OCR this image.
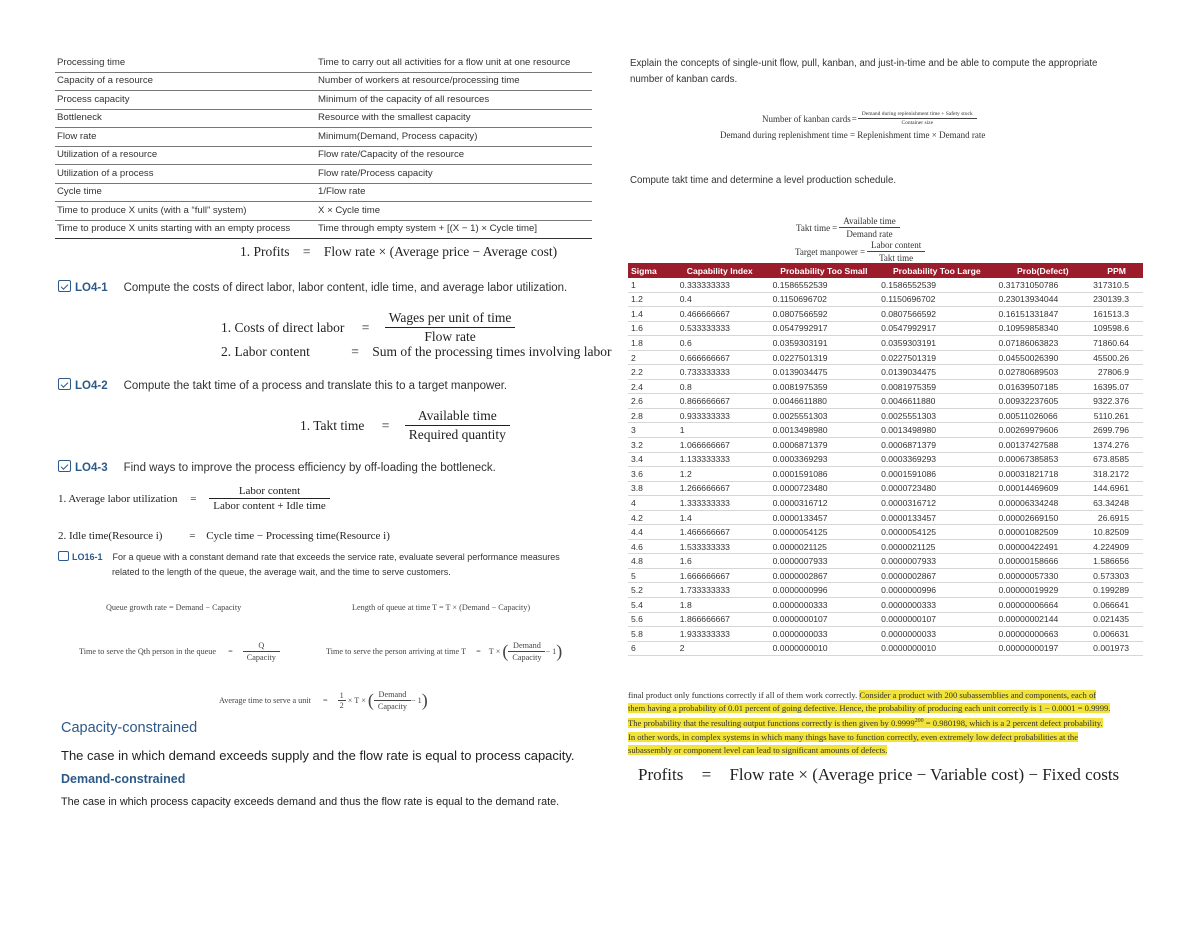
Processing time	Time to carry out all activities for a flow unit at one resource
Capacity of a resource	Number of workers at resource/processing time
Process capacity	Minimum of the capacity of all resources
Bottleneck	Resource with the smallest capacity
Flow rate	Minimum(Demand, Process capacity)
Utilization of a resource	Flow rate/Capacity of the resource
Utilization of a process	Flow rate/Process capacity
Cycle time	1/Flow rate
Time to produce X units (with a “full” system)	X × Cycle time
Time to produce X units starting with an empty process	Time through empty system + [(X − 1) × Cycle time]
1. Profits = Flow rate × (Average price − Average cost)
LO4-1 Compute the costs of direct labor, labor content, idle time, and average labor utilization.
1. Costs of direct labor = $\frac{\text{Wages per unit of time}}{\text{Flow rate}}$
2. Labor content	= Sum of the processing times involving labor
LO4-2 Compute the takt time of a process and translate this to a target manpower.
1. Takt time = $\frac{\text{Available time}}{\text{Required quantity}}$
LO4-3 Find ways to improve the process efficiency by off-loading the bottleneck.
1. Average labor utilization = $\frac{\text{Labor content}}{\text{Labor content + Idle time}}$
2. Idle time(Resource i) = Cycle time − Processing time(Resource i)
LO16-1 For a queue with a constant demand rate that exceeds the service rate, evaluate several performance measures
related to the length of the queue, the average wait, and the time to serve customers.
Queue growth rate = Demand − Capacity	Length of queue at time T = T × (Demand − Capacity)
Time to serve the Qth person in the queue = $\frac{Q}{\text{Capacity}}$	Time to serve the person arriving at time T = T × ( $\frac{\text{Demand}}{\text{Capacity}} - 1$)
Average time to serve a unit = $\frac{1}{2} \times T$ × ( $\frac{\text{Demand}}{\text{Capacity}} - 1$)
Capacity-constrained
The case in which demand exceeds supply and the flow rate is equal to process capacity.
Demand-constrained
The case in which process capacity exceeds demand and thus the flow rate is equal to the demand rate.
Explain the concepts of single-unit flow, pull, kanban, and just-in-time and be able to compute the appropriate
number of kanban cards.
Number of kanban cards= $\frac{\text{Demand during replenishment time + Safety stock}}{\text{Container size}}$
Demand during replenishment time = Replenishment time × Demand rate
Compute takt time and determine a level production schedule.
Takt time = $\frac{\text{Available time}}{\text{Demand rate}}$
Target manpower = $\frac{\text{Labor content}}{\text{Takt time}}$
Sigma	Capability Index	Probability Too Small	Probability Too Large	Prob(Defect)	PPM
1	0.333333333	0.1586552539	0.1586552539	0.31731050786	317310.5
1.2	0.4	0.1150696702	0.1150696702	0.23013934044	230139.3
1.4	0.466666667	0.0807566592	0.0807566592	0.16151331847	161513.3
1.6	0.533333333	0.0547992917	0.0547992917	0.10959858340	109598.6
1.8	0.6	0.0359303191	0.0359303191	0.07186063823	71860.64
2	0.666666667	0.0227501319	0.0227501319	0.04550026390	45500.26
2.2	0.733333333	0.0139034475	0.0139034475	0.02780689503	27806.9
2.4	0.8	0.0081975359	0.0081975359	0.01639507185	16395.07
2.6	0.866666667	0.0046611880	0.0046611880	0.00932237605	9322.376
2.8	0.933333333	0.0025551303	0.0025551303	0.00511026066	5110.261
3	1	0.0013498980	0.0013498980	0.00269979606	2699.796
3.2	1.066666667	0.0006871379	0.0006871379	0.00137427588	1374.276
3.4	1.133333333	0.0003369293	0.0003369293	0.00067385853	673.8585
3.6	1.2	0.0001591086	0.0001591086	0.00031821718	318.2172
3.8	1.266666667	0.0000723480	0.0000723480	0.00014469609	144.6961
4	1.333333333	0.0000316712	0.0000316712	0.00006334248	63.34248
4.2	1.4	0.0000133457	0.0000133457	0.00002669150	26.6915
4.4	1.466666667	0.0000054125	0.0000054125	0.00001082509	10.82509
4.6	1.533333333	0.0000021125	0.0000021125	0.00000422491	4.224909
4.8	1.6	0.0000007933	0.0000007933	0.00000158666	1.586656
5	1.666666667	0.0000002867	0.0000002867	0.00000057330	0.573303
5.2	1.733333333	0.0000000996	0.0000000996	0.00000019929	0.199289
5.4	1.8	0.0000000333	0.0000000333	0.00000006664	0.066641
5.6	1.866666667	0.0000000107	0.0000000107	0.00000002144	0.021435
5.8	1.933333333	0.0000000033	0.0000000033	0.00000000663	0.006631
6	2	0.0000000010	0.0000000010	0.00000000197	0.001973
final product only functions correctly if all of them work correctly. Consider a product with 200 subassemblies and components, each of
them having a probability of 0.01 percent of going defective. Hence, the probability of producing each unit correctly is 1 − 0.0001 = 0.9999.
The probability that the resulting output functions correctly is then given by $0.9999^{200} = 0.980198$, which is a 2 percent defect probability.
In other words, in complex systems in which many things have to function correctly, even extremely low defect probabilities at the
subassembly or component level can lead to significant amounts of defects.
Profits = Flow rate × (Average price − Variable cost) − Fixed costs
